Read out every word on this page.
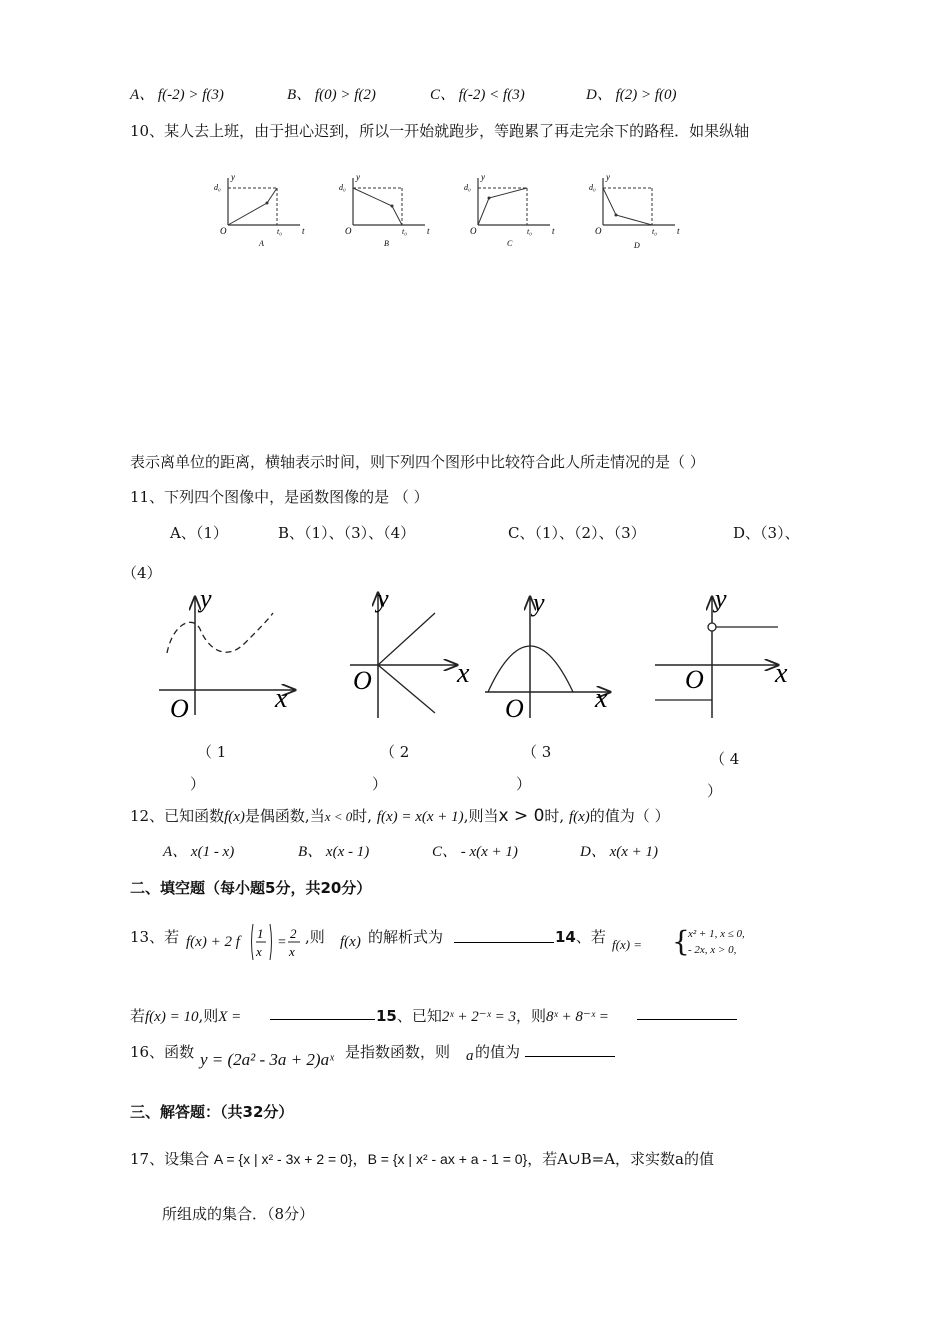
A、 f(-2) > f(3)	B、 f(0) > f(2)	C、 f(-2) < f(3)	D、 f(2) > f(0)
10、某人去上班，由于担心迟到，所以一开始就跑步，等跑累了再走完余下的路程．如果纵轴
d₀
y
O	t₀ t
A
d₀
y
O	t₀ t
B
d₀
y
O	t₀ t
C
d₀
y
O	t₀ t
D
表示离单位的距离，横轴表示时间，则下列四个图形中比较符合此人所走情况的是（ ）
11、下列四个图像中，是函数图像的是 （ ）
A、（1）	B、（1）、（3）、（4）	C、（1）、（2）、（3）	D、（3）、
（4）
y
x
O
y
x
O
y
x
O
y
x
O
（ 1
）
（ 2
）
（ 3
）
（ 4
）
12、已知函数f(x)是偶函数,当x < 0时, f(x) = x(x + 1),则当x > 0时, f(x)的值为（ ）
A、 x(1 - x)	B、 x(x - 1)	C、 - x(x + 1)	D、 x(x + 1)
二、填空题（每小题5分，共20分）
13、若 f(x) + 2 f
1
x
=
2
x
,则 f(x) 的解析式为	14、若 f(x) = {
x² + 1, x ≤ 0,
- 2x, x > 0,
若f(x) = 10,则X =	15、已知2ˣ + 2⁻ˣ = 3，则8ˣ + 8⁻ˣ =
16、函数 y = (2a² - 3a + 2)aˣ 是指数函数，则 a 的值为
三、解答题：（共32分）
17、设集合 A = {x | x² - 3x + 2 = 0}，B = {x | x² - ax + a - 1 = 0}，若A∪B=A，求实数a的值
所组成的集合．（8分）
